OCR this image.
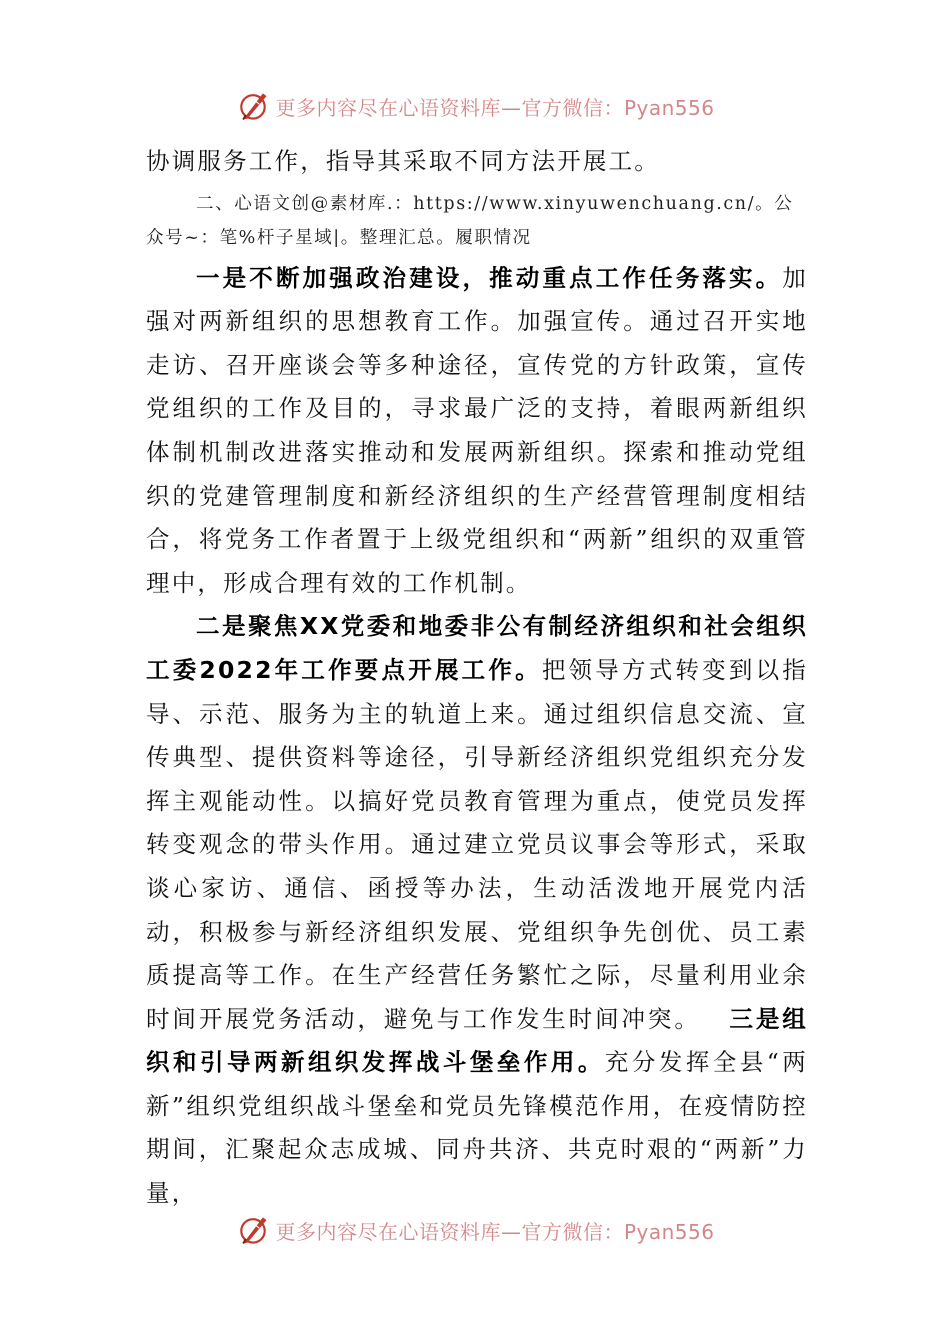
更多内容尽在心语资料库—官方微信：Pyan556

协调服务工作，指导其采取不同方法开展工。

二、心语文创@素材库.：https://www.xinyuwenchuang.cn/。公
众号~：笔%杆子星域|。整理汇总。履职情况

一是不断加强政治建设，推动重点工作任务落实。加强对两新组织的思想教育工作。加强宣传。通过召开实地走访、召开座谈会等多种途径，宣传党的方针政策，宣传党组织的工作及目的，寻求最广泛的支持，着眼两新组织体制机制改进落实推动和发展两新组织。探索和推动党组织的党建管理制度和新经济组织的生产经营管理制度相结合，将党务工作者置于上级党组织和“两新”组织的双重管理中，形成合理有效的工作机制。

二是聚焦XX党委和地委非公有制经济组织和社会组织工委2022年工作要点开展工作。把领导方式转变到以指导、示范、服务为主的轨道上来。通过组织信息交流、宣传典型、提供资料等途径，引导新经济组织党组织充分发挥主观能动性。以搞好党员教育管理为重点，使党员发挥转变观念的带头作用。通过建立党员议事会等形式，采取谈心家访、通信、函授等办法，生动活泼地开展党内活动，积极参与新经济组织发展、党组织争先创优、员工素质提高等工作。在生产经营任务繁忙之际，尽量利用业余时间开展党务活动，避免与工作发生时间冲突。 三是组织和引导两新组织发挥战斗堡垒作用。充分发挥全县“两新”组织党组织战斗堡垒和党员先锋模范作用，在疫情防控期间，汇聚起众志成城、同舟共济、共克时艰的“两新”力量，

更多内容尽在心语资料库—官方微信：Pyan556
